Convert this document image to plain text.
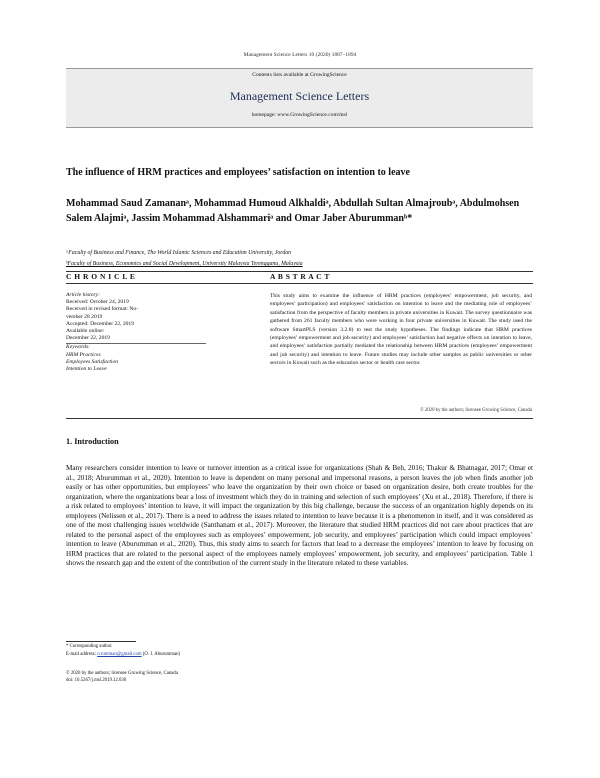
Management Science Letters 10 (2020) 1887–1894
Contents lists available at GrowingScience
Management Science Letters
homepage: www.GrowingScience.com/msl
The influence of HRM practices and employees’ satisfaction on intention to leave
Mohammad Saud Zamananᵃ, Mohammad Humoud Alkhaldiᵃ, Abdullah Sultan Almajroubᵃ, Abdulmohsen Salem Alajmiᵃ, Jassim Mohammad Alshammariᵃ and Omar Jaber Aburummanᵇ*
ᵃFaculty of Business and Finance, The World Islamic Sciences and Education University, Jordan
ᵇFaculty of Business, Economics and Social Development, University Malaysia Terengganu, Malaysia
C H R O N I C L E	A B S T R A C T
Article history:
Received: October 24, 2019
Received in revised format: No-
vember 28 2019
Accepted: December 22, 2019
Available online:
December 22, 2019
Keywords:
HRM Practices
Employees Satisfaction
Intention to Leave
This study aims to examine the influence of HRM practices (employees’ empowerment, job security, and employees’ participation) and employees’ satisfaction on intention to leave and the mediating role of employees’ satisfaction from the perspective of faculty members in private universities in Kuwait. The survey questionnaire was gathered from 261 faculty members who were working in four private universities in Kuwait. The study used the software SmartPLS (version 3.2.8) to test the study hypotheses. The findings indicate that HRM practices (employees’ empowerment and job security) and employees’ satisfaction had negative effects on intention to leave, and employees’ satisfaction partially mediated the relationship between HRM practices (employees’ empowerment and job security) and intention to leave. Future studies may include other samples as public universities or other sectors in Kuwait such as the education sector or health care sector.
© 2020 by the authors; licensee Growing Science, Canada
1. Introduction
Many researchers consider intention to leave or turnover intention as a critical issue for organizations (Shah & Beh, 2016; Thakur & Bhatnagar, 2017; Omar et al., 2018; Aburumman et al., 2020). Intention to leave is dependent on many personal and impersonal reasons, a person leaves the job when finds another job easily or has other opportunities, but employees’ who leave the organization by their own choice or based on organization desire, both create troubles for the organization, where the organizations bear a loss of investment which they do in training and selection of such employees’ (Xu et al., 2018). Therefore, if there is a risk related to employees’ intention to leave, it will impact the organization by this big challenge, because the success of an organization highly depends on its employees (Nelissen et al., 2017). There is a need to address the issues related to intention to leave because it is a phenomenon in itself, and it was considered as one of the most challenging issues worldwide (Santhanam et al., 2017). Moreover, the literature that studied HRM practices did not care about practices that are related to the personal aspect of the employees such as employees’ empowerment, job security, and employees’ participation which could impact employees’ intention to leave (Aburumman et al., 2020). Thus, this study aims to search for factors that lead to a decrease the employees’ intention to leave by focusing on HRM practices that are related to the personal aspect of the employees namely employees’ empowerment, job security, and employees’ participation. Table 1 shows the research gap and the extent of the contribution of the current study in the literature related to these variables.
* Corresponding author.
E-mail address: o.rumman@gmail.com (O. J. Aburumman)
© 2020 by the authors; licensee Growing Science, Canada
doi: 10.5267/j.msl.2019.12.030
